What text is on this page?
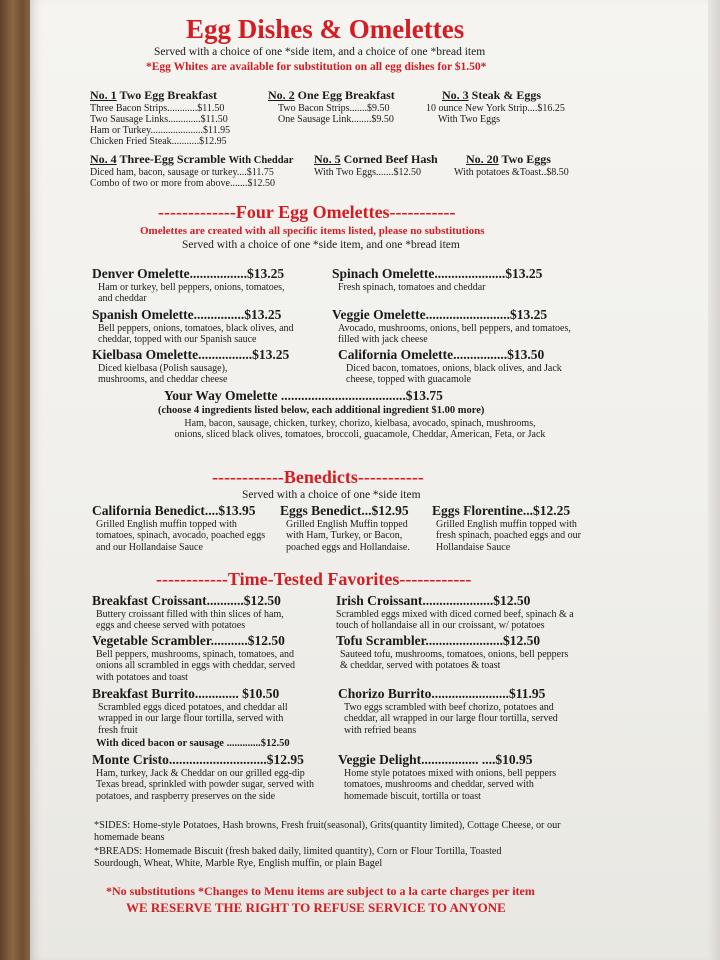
Egg Dishes & Omelettes
Served with a choice of one *side item, and a choice of one *bread item
*Egg Whites are available for substitution on all egg dishes for $1.50*
No. 1 Two Egg Breakfast
Three Bacon Strips............$11.50
Two Sausage Links.............$11.50
Ham or Turkey.....................$11.95
Chicken Fried Steak...........$12.95
No. 2 One Egg Breakfast
Two Bacon Strips.......$9.50
One Sausage Link........$9.50
No. 3 Steak & Eggs
10 ounce New York Strip....$16.25
With Two Eggs
No. 4 Three-Egg Scramble With Cheddar
Diced ham, bacon, sausage or turkey....$11.75
Combo of two or more from above.......$12.50
No. 5 Corned Beef Hash
With Two Eggs.......$12.50
No. 20 Two Eggs
With potatoes &Toast..$8.50
-------------Four Egg Omelettes-----------
Omelettes are created with all specific items listed, please no substitutions
Served with a choice of one *side item, and one *bread item
Denver Omelette.................$13.25
Ham or turkey, bell peppers, onions, tomatoes, and cheddar
Spinach Omelette.....................$13.25
Fresh spinach, tomatoes and cheddar
Spanish Omelette...............$13.25
Bell peppers, onions, tomatoes, black olives, and cheddar, topped with our Spanish sauce
Veggie Omelette.........................$13.25
Avocado, mushrooms, onions, bell peppers, and tomatoes, filled with jack cheese
Kielbasa Omelette................$13.25
Diced kielbasa (Polish sausage), mushrooms, and cheddar cheese
California Omelette................$13.50
Diced bacon, tomatoes, onions, black olives, and Jack cheese, topped with guacamole
Your Way Omelette .....................................$13.75
(choose 4 ingredients listed below, each additional ingredient $1.00 more)
Ham, bacon, sausage, chicken, turkey, chorizo, kielbasa, avocado, spinach, mushrooms, onions, sliced black olives, tomatoes, broccoli, guacamole, Cheddar, American, Feta, or Jack
------------Benedicts-----------
Served with a choice of one *side item
California Benedict....$13.95
Grilled English muffin topped with tomatoes, spinach, avocado, poached eggs and our Hollandaise Sauce
Eggs Benedict...$12.95
Grilled English Muffin topped with Ham, Turkey, or Bacon, poached eggs and Hollandaise.
Eggs Florentine...$12.25
Grilled English muffin topped with fresh spinach, poached eggs and our Hollandaise Sauce
------------Time-Tested Favorites------------
Breakfast Croissant...........$12.50
Buttery croissant filled with thin slices of ham, eggs and cheese served with potatoes
Irish Croissant.....................$12.50
Scrambled eggs mixed with diced corned beef, spinach & a touch of hollandaise all in our croissant, w/ potatoes
Vegetable Scrambler...........$12.50
Bell peppers, mushrooms, spinach, tomatoes, and onions all scrambled in eggs with cheddar, served with potatoes and toast
Tofu Scrambler.......................$12.50
Sauteed tofu, mushrooms, tomatoes, onions, bell peppers & cheddar, served with potatoes & toast
Breakfast Burrito............. $10.50
Scrambled eggs diced potatoes, and cheddar all wrapped in our large flour tortilla, served with fresh fruit
Chorizo Burrito.......................$11.95
Two eggs scrambled with beef chorizo, potatoes and cheddar, all wrapped in our large flour tortilla, served with refried beans
With diced bacon or sausage .............$12.50
Monte Cristo.............................$12.95
Ham, turkey, Jack & Cheddar on our grilled egg-dip Texas bread, sprinkled with powder sugar, served with potatoes, and raspberry preserves on the side
Veggie Delight................. ....$10.95
Home style potatoes mixed with onions, bell peppers tomatoes, mushrooms and cheddar, served with homemade biscuit, tortilla or toast
*SIDES: Home-style Potatoes, Hash browns, Fresh fruit(seasonal), Grits(quantity limited), Cottage Cheese, or our homemade beans
*BREADS: Homemade Biscuit (fresh baked daily, limited quantity), Corn or Flour Tortilla, Toasted Sourdough, Wheat, White, Marble Rye, English muffin, or plain Bagel
*No substitutions *Changes to Menu items are subject to a la carte charges per item
WE RESERVE THE RIGHT TO REFUSE SERVICE TO ANYONE
